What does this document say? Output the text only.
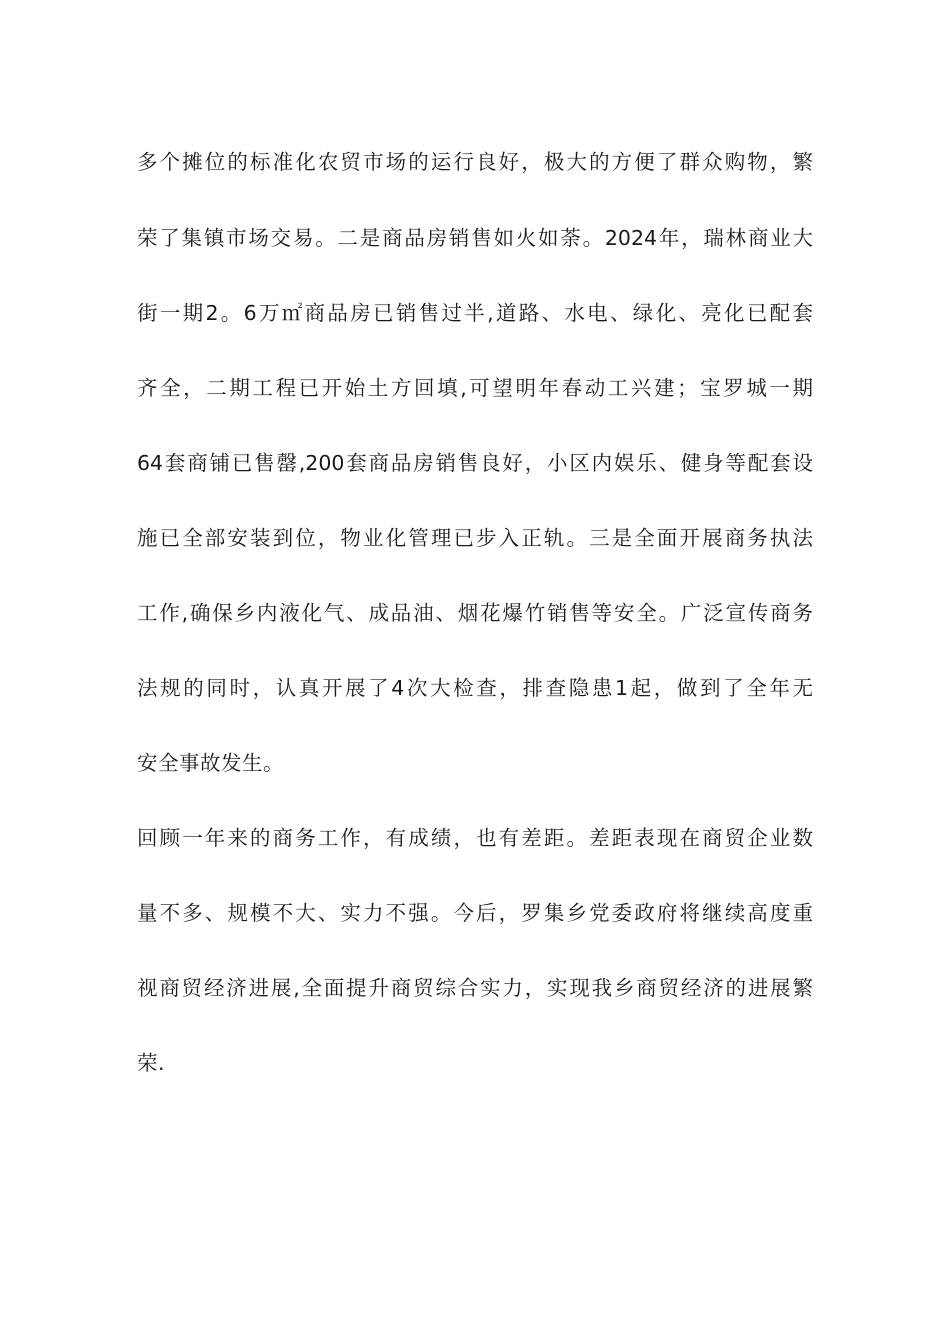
多个摊位的标准化农贸市场的运行良好，极大的方便了群众购物，繁
荣了集镇市场交易。二是商品房销售如火如荼。2024年，瑞林商业大
街一期2。6万㎡商品房已销售过半,道路、水电、绿化、亮化已配套
齐全，二期工程已开始土方回填,可望明年春动工兴建；宝罗城一期
64套商铺已售罄,200套商品房销售良好，小区内娱乐、健身等配套设
施已全部安装到位，物业化管理已步入正轨。三是全面开展商务执法
工作,确保乡内液化气、成品油、烟花爆竹销售等安全。广泛宣传商务
法规的同时，认真开展了4次大检查，排查隐患1起，做到了全年无
安全事故发生。
回顾一年来的商务工作，有成绩，也有差距。差距表现在商贸企业数
量不多、规模不大、实力不强。今后，罗集乡党委政府将继续高度重
视商贸经济进展,全面提升商贸综合实力，实现我乡商贸经济的进展繁
荣.
